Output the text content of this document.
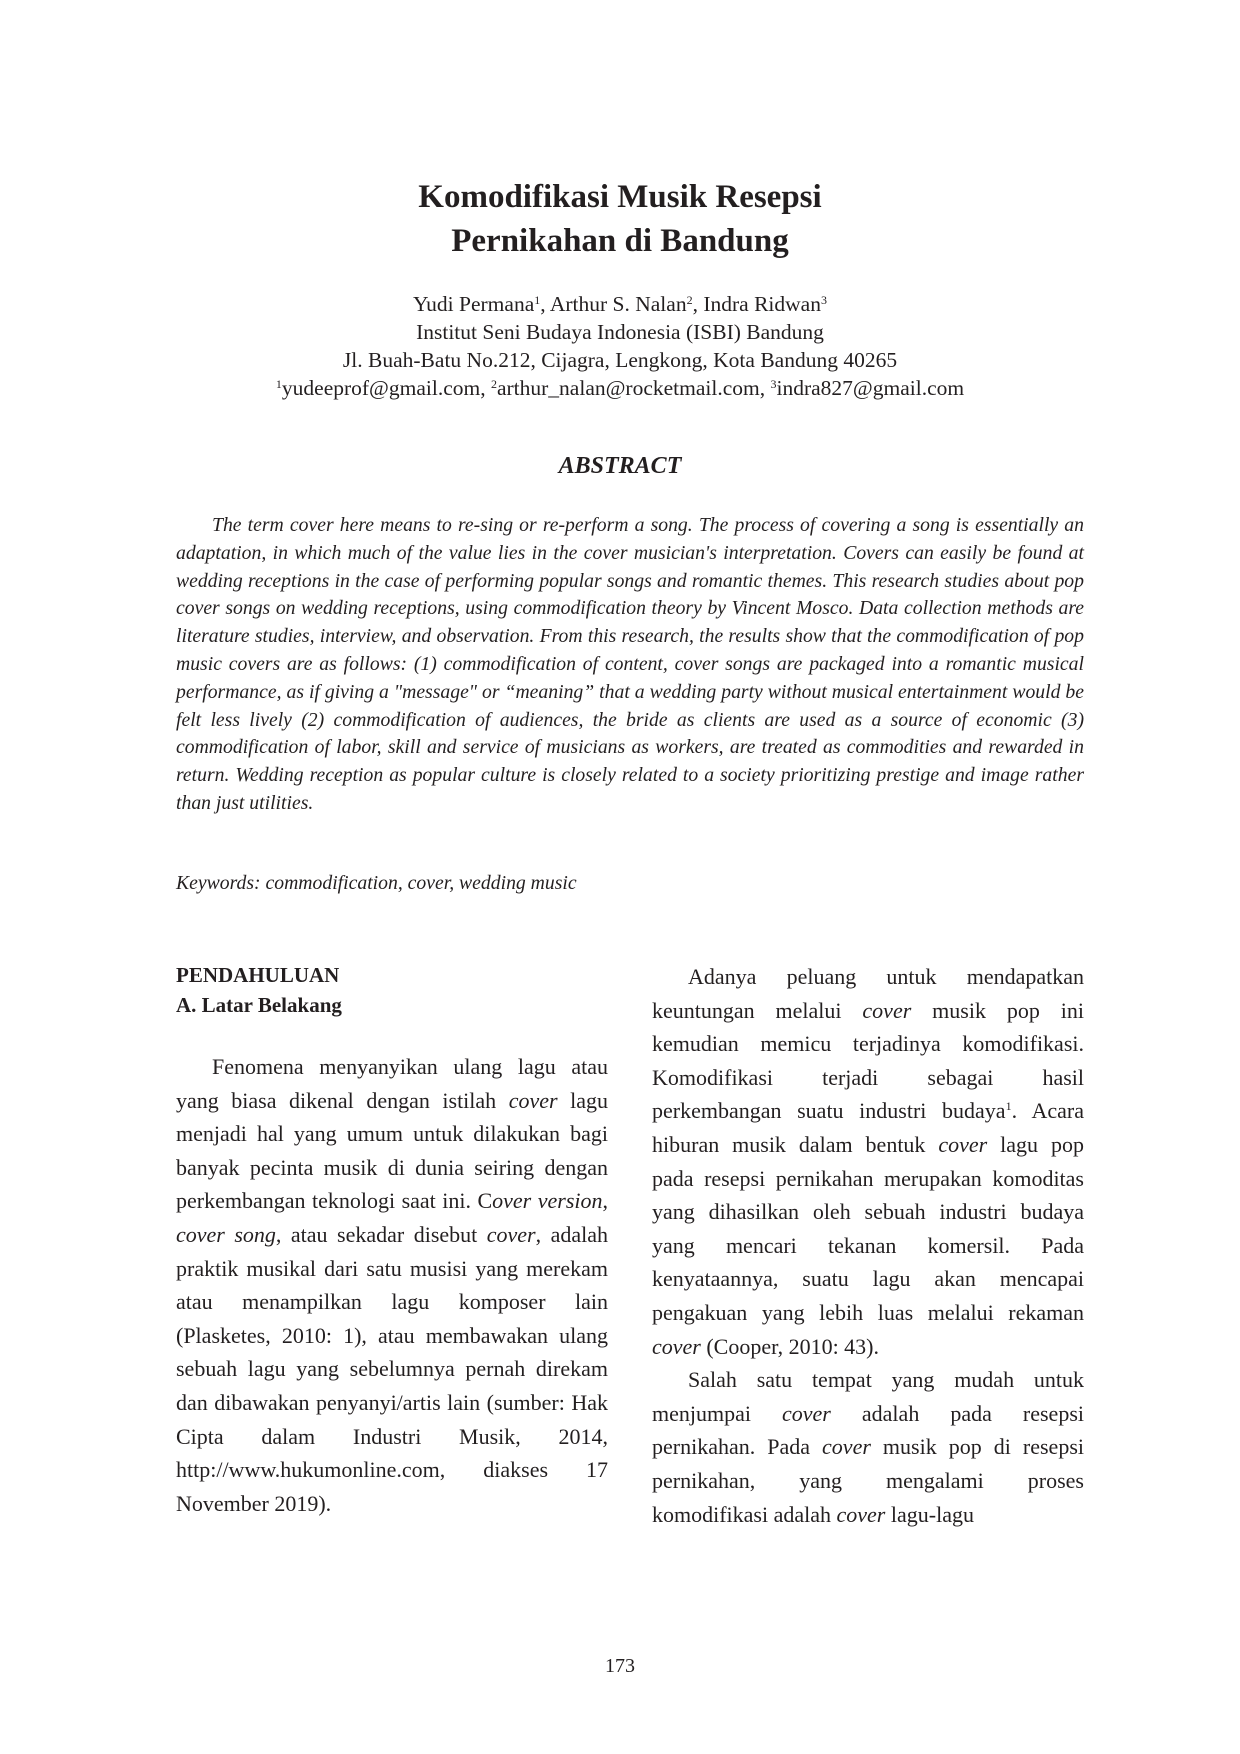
Komodifikasi Musik Resepsi
Pernikahan di Bandung
Yudi Permana$^1$, Arthur S. Nalan$^2$, Indra Ridwan$^3$
Institut Seni Budaya Indonesia (ISBI) Bandung
Jl. Buah-Batu No.212, Cijagra, Lengkong, Kota Bandung 40265
$^1$yudeeprof@gmail.com, $^2$arthur_nalan@rocketmail.com, $^3$indra827@gmail.com
ABSTRACT

The term cover here means to re-sing or re-perform a song. The process of covering a song is essentially an adaptation, in which much of the value lies in the cover musician's interpretation. Covers can easily be found at wedding receptions in the case of performing popular songs and romantic themes. This research studies about pop cover songs on wedding receptions, using commodification theory by Vincent Mosco. Data collection methods are literature studies, interview, and observation. From this research, the results show that the commodification of pop music covers are as follows: (1) commodification of content, cover songs are packaged into a romantic musical performance, as if giving a "message" or “meaning” that a wedding party without musical entertainment would be felt less lively (2) commodification of audiences, the bride as clients are used as a source of economic (3) commodification of labor, skill and service of musicians as workers, are treated as commodities and rewarded in return. Wedding reception as popular culture is closely related to a society prioritizing prestige and image rather than just utilities.

Keywords: commodification, cover, wedding music

PENDAHULUAN
A. Latar Belakang

Fenomena menyanyikan ulang lagu atau yang biasa dikenal dengan istilah cover lagu menjadi hal yang umum untuk dilakukan bagi banyak pecinta musik di dunia seiring dengan perkembangan teknologi saat ini. Cover version, cover song, atau sekadar disebut cover, adalah praktik musikal dari satu musisi yang merekam atau menampilkan lagu komposer lain (Plasketes, 2010: 1), atau membawakan ulang sebuah lagu yang sebelumnya pernah direkam dan dibawakan penyanyi/artis lain (sumber: Hak Cipta dalam Industri Musik, 2014, http://www.hukumonline.com, diakses 17 November 2019).

Adanya peluang untuk mendapatkan keuntungan melalui cover musik pop ini kemudian memicu terjadinya komodifikasi. Komodifikasi terjadi sebagai hasil perkembangan suatu industri budaya$^1$. Acara hiburan musik dalam bentuk cover lagu pop pada resepsi pernikahan merupakan komoditas yang dihasilkan oleh sebuah industri budaya yang mencari tekanan komersil. Pada kenyataannya, suatu lagu akan mencapai pengakuan yang lebih luas melalui rekaman cover (Cooper, 2010: 43).

Salah satu tempat yang mudah untuk menjumpai cover adalah pada resepsi pernikahan. Pada cover musik pop di resepsi pernikahan, yang mengalami proses komodifikasi adalah cover lagu-lagu

173
